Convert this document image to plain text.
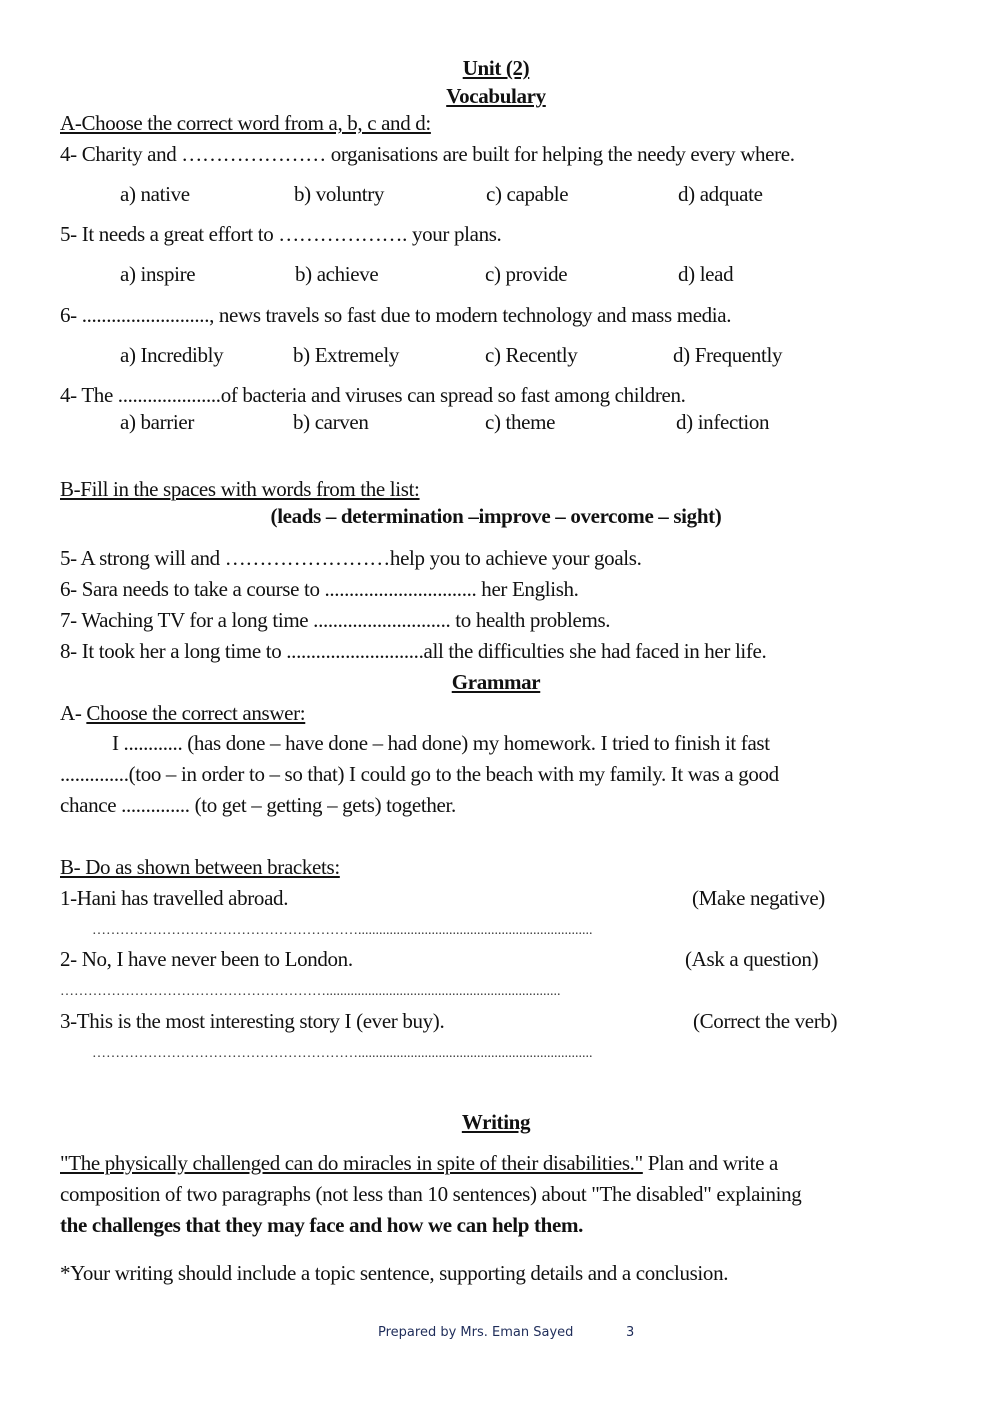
Unit (2)
Vocabulary
A-Choose the correct word from a, b, c and d:
4- Charity and ………………… organisations are built for helping the needy every where.
a) native	b) voluntry	c) capable	d) adquate
5- It needs a great effort to ………………. your plans.
a) inspire	b) achieve	c) provide	d) lead
6- .........................., news travels so fast due to modern technology and mass media.
a) Incredibly	b) Extremely	c) Recently	d) Frequently
4- The .....................of bacteria and viruses can spread so fast among children.
a) barrier	b) carven	c) theme	d) infection
B-Fill in the spaces with words from the list:
(leads – determination –improve – overcome – sight)
5- A strong will and ……………………help you to achieve your goals.
6- Sara needs to take a course to ............................... her English.
7- Waching TV for a long time ............................ to health problems.
8- It took her a long time to ............................all the difficulties she had faced in her life.
Grammar
A- Choose the correct answer:
I ............ (has done – have done – had done) my homework. I tried to finish it fast
..............(too – in order to – so that) I could go to the beach with my family. It was a good
chance .............. (to get – getting – gets) together.
B- Do as shown between brackets:
1-Hani has travelled abroad.	(Make negative)
…………………………………………………...................................................................
2- No, I have never been to London.	(Ask a question)
…………………………………………………...................................................................
3-This is the most interesting story I (ever buy).	(Correct the verb)
…………………………………………………...................................................................
Writing
"The physically challenged can do miracles in spite of their disabilities." Plan and write a
composition of two paragraphs (not less than 10 sentences) about "The disabled" explaining
the challenges that they may face and how we can help them.
*Your writing should include a topic sentence, supporting details and a conclusion.
Prepared by Mrs. Eman Sayed	3
